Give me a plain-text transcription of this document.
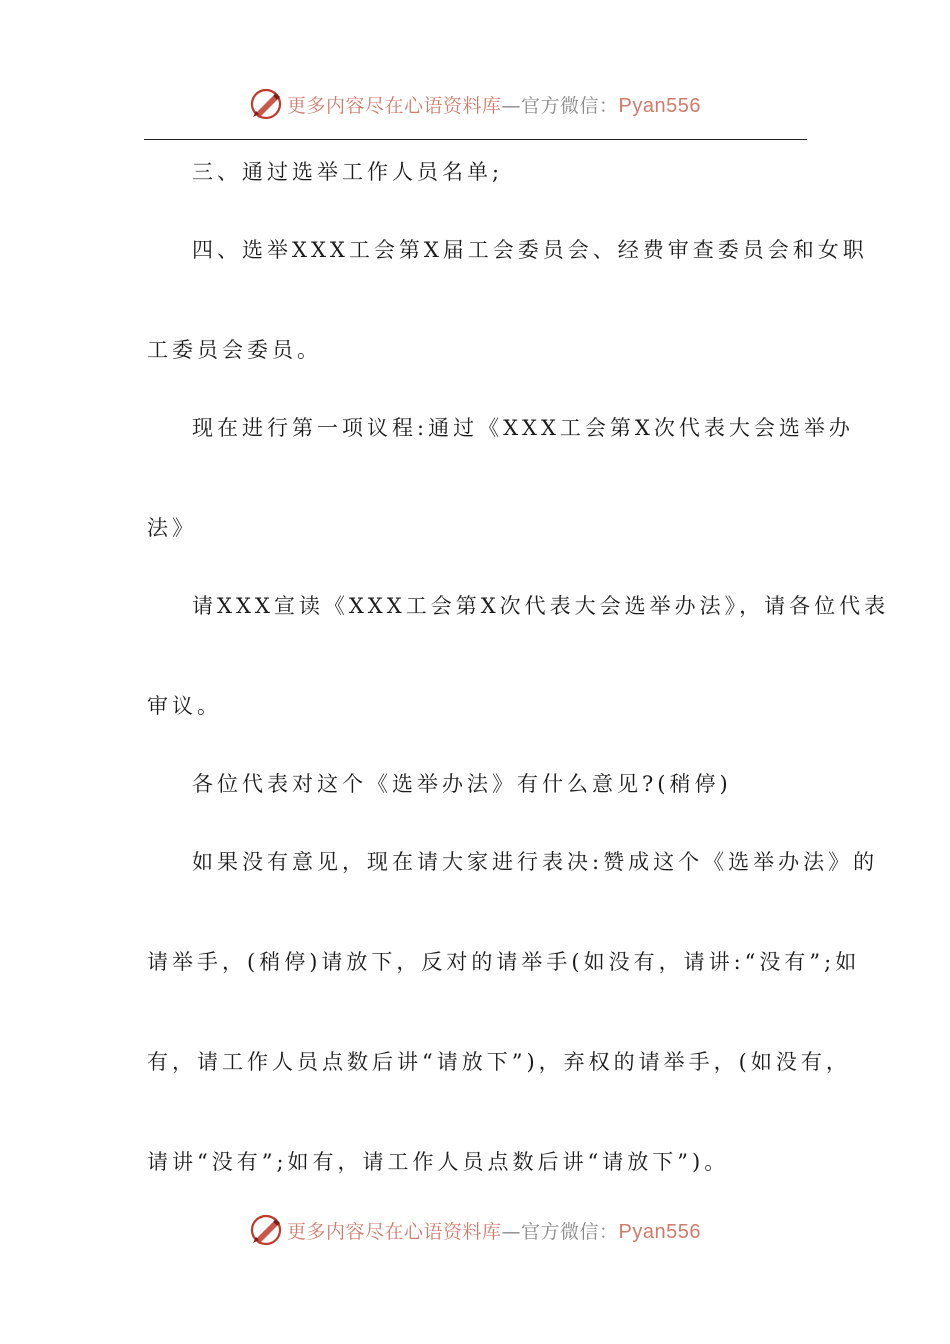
更多内容尽在心语资料库—官方微信：Pyan556
三、通过选举工作人员名单;
四、选举XXX工会第X届工会委员会、经费审查委员会和女职
工委员会委员。
现在进行第一项议程:通过《XXX工会第X次代表大会选举办
法》
请XXX宣读《XXX工会第X次代表大会选举办法》，请各位代表
审议。
各位代表对这个《选举办法》有什么意见?(稍停)
如果没有意见，现在请大家进行表决:赞成这个《选举办法》的
请举手，(稍停)请放下，反对的请举手(如没有，请讲:“没有”;如
有，请工作人员点数后讲“请放下”)，弃权的请举手，(如没有，
请讲“没有”;如有，请工作人员点数后讲“请放下”)。
更多内容尽在心语资料库—官方微信：Pyan556
